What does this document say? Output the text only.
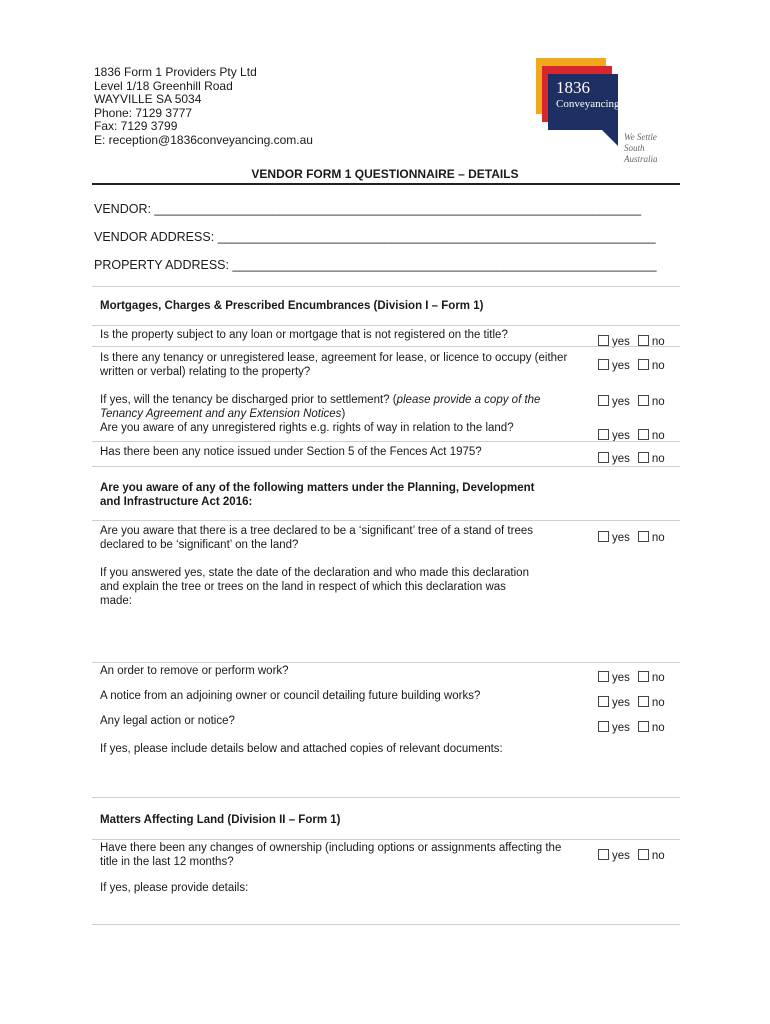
1836 Form 1 Providers Pty Ltd
Level 1/18 Greenhill Road
WAYVILLE SA 5034
Phone: 7129 3777
Fax: 7129 3799
E: reception@1836conveyancing.com.au
1836
Conveyancing
We Settle
South Australia
VENDOR FORM 1 QUESTIONNAIRE – DETAILS
VENDOR: ______________________________________________________________________
VENDOR ADDRESS: _______________________________________________________________
PROPERTY ADDRESS: _____________________________________________________________
Mortgages, Charges & Prescribed Encumbrances (Division I – Form 1)
Is the property subject to any loan or mortgage that is not registered on the title?
yes no
Is there any tenancy or unregistered lease, agreement for lease, or licence to occupy (either written or verbal) relating to the property?	yes no
If yes, will the tenancy be discharged prior to settlement? (please provide a copy of the Tenancy Agreement and any Extension Notices)
yes no
Are you aware of any unregistered rights e.g. rights of way in relation to the land?
yes no
Has there been any notice issued under Section 5 of the Fences Act 1975?
yes no
Are you aware of any of the following matters under the Planning, Development and Infrastructure Act 2016:
Are you aware that there is a tree declared to be a ‘significant’ tree of a stand of trees declared to be ‘significant’ on the land?
yes no
If you answered yes, state the date of the declaration and who made this declaration and explain the tree or trees on the land in respect of which this declaration was made:
An order to remove or perform work?
yes no
A notice from an adjoining owner or council detailing future building works?
yes no
Any legal action or notice?
yes no
If yes, please include details below and attached copies of relevant documents:
Matters Affecting Land (Division II – Form 1)
Have there been any changes of ownership (including options or assignments affecting the title in the last 12 months?	yes no
If yes, please provide details:
